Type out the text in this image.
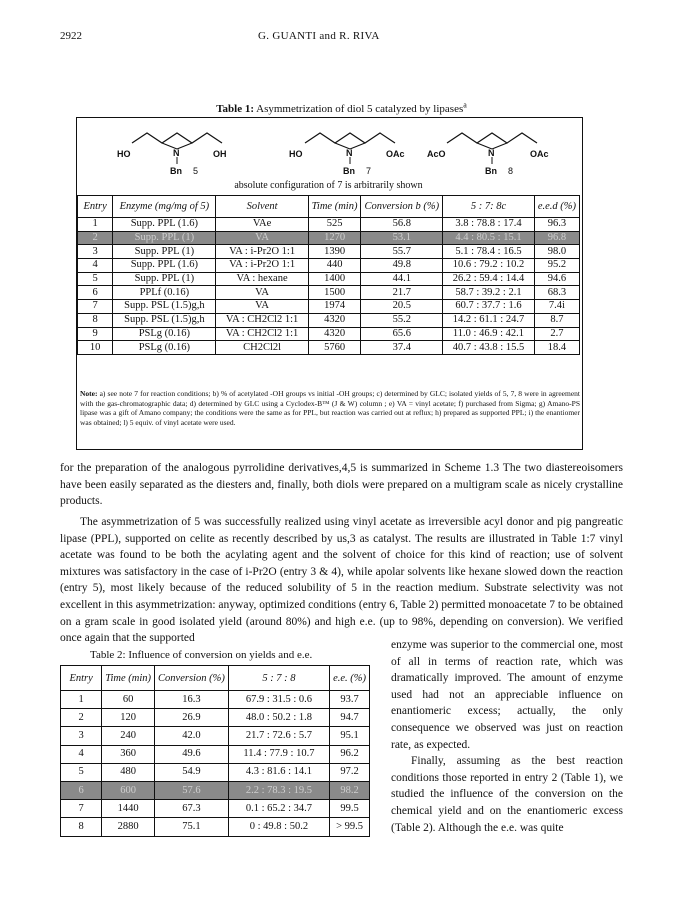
2922	G. GUANTI and R. RIVA
Table 1: Asymmetrization of diol 5 catalyzed by lipases$^a$
HO	OH
N
Bn 5
HO	OAc
N
Bn 7
AcO	OAc
N
Bn 8
absolute configuration of 7 is arbitrarily shown
Entry	Enzyme (mg/mg of 5)	Solvent	Time (min)	Conversion b (%)	5 : 7: 8c	e.e.d (%)
1	Supp. PPL (1.6)	VAe	525	56.8	3.8 : 78.8 : 17.4	96.3
2	Supp. PPL (1)	VA	1270	53.1	4.4 : 80.5 : 15.1	96.8
3	Supp. PPL (1)	VA : i-Pr2O 1:1	1390	55.7	5.1 : 78.4 : 16.5	98.0
4	Supp. PPL (1.6)	VA : i-Pr2O 1:1	440	49.8	10.6 : 79.2 : 10.2	95.2
5	Supp. PPL (1)	VA : hexane	1400	44.1	26.2 : 59.4 : 14.4	94.6
6	PPLf (0.16)	VA	1500	21.7	58.7 : 39.2 : 2.1	68.3
7	Supp. PSL (1.5)g,h	VA	1974	20.5	60.7 : 37.7 : 1.6	7.4i
8	Supp. PSL (1.5)g,h	VA : CH2Cl2 1:1	4320	55.2	14.2 : 61.1 : 24.7	8.7
9	PSLg (0.16)	VA : CH2Cl2 1:1	4320	65.6	11.0 : 46.9 : 42.1	2.7
10	PSLg (0.16)	CH2Cl2l	5760	37.4	40.7 : 43.8 : 15.5	18.4
Note: a) see note 7 for reaction conditions; b) % of acetylated -OH groups vs initial -OH groups; c) determined by GLC; isolated yields of 5, 7, 8 were in agreement with the gas-chromatographic data; d) determined by GLC using a Cyclodex-B™ (J & W) column ; e) VA = vinyl acetate; f) purchased from Sigma; g) Amano-PS lipase was a gift of Amano company; the conditions were the same as for PPL, but reaction was carried out at reflux; h) prepared as supported PPL; i) the enantiomer was obtained; l) 5 equiv. of vinyl acetate were used.
for the preparation of the analogous pyrrolidine derivatives,4,5 is summarized in Scheme 1.3 The two diastereoisomers have been easily separated as the diesters and, finally, both diols were prepared on a multigram scale as nicely crystalline products.
The asymmetrization of 5 was successfully realized using vinyl acetate as irreversible acyl donor and pig pangreatic lipase (PPL), supported on celite as recently described by us,3 as catalyst. The results are illustrated in Table 1:7 vinyl acetate was found to be both the acylating agent and the solvent of choice for this kind of reaction; use of solvent mixtures was satisfactory in the case of i-Pr2O (entry 3 & 4), while apolar solvents like hexane slowed down the reaction (entry 5), most likely because of the reduced solubility of 5 in the reaction medium. Substrate selectivity was not excellent in this asymmetrization: anyway, optimized conditions (entry 6, Table 2) permitted monoacetate 7 to be obtained on a gram scale in good isolated yield (around 80%) and high e.e. (up to 98%, depending on conversion). We verified once again that the supported
enzyme was superior to the commercial one, most of all in terms of reaction rate, which was dramatically improved. The amount of enzyme used had not an appreciable influence on enantiomeric excess; actually, the only consequence we observed was just on reaction rate, as expected.
Finally, assuming as the best reaction conditions those reported in entry 2 (Table 1), we studied the influence of the conversion on the chemical yield and on the enantiomeric excess (Table 2). Although the e.e. was quite
Table 2: Influence of conversion on yields and e.e.
Entry	Time (min)	Conversion (%)	5 : 7 : 8	e.e. (%)
1	60	16.3	67.9 : 31.5 : 0.6	93.7
2	120	26.9	48.0 : 50.2 : 1.8	94.7
3	240	42.0	21.7 : 72.6 : 5.7	95.1
4	360	49.6	11.4 : 77.9 : 10.7	96.2
5	480	54.9	4.3 : 81.6 : 14.1	97.2
6	600	57.6	2.2 : 78.3 : 19.5	98.2
7	1440	67.3	0.1 : 65.2 : 34.7	99.5
8	2880	75.1	0 : 49.8 : 50.2	> 99.5
